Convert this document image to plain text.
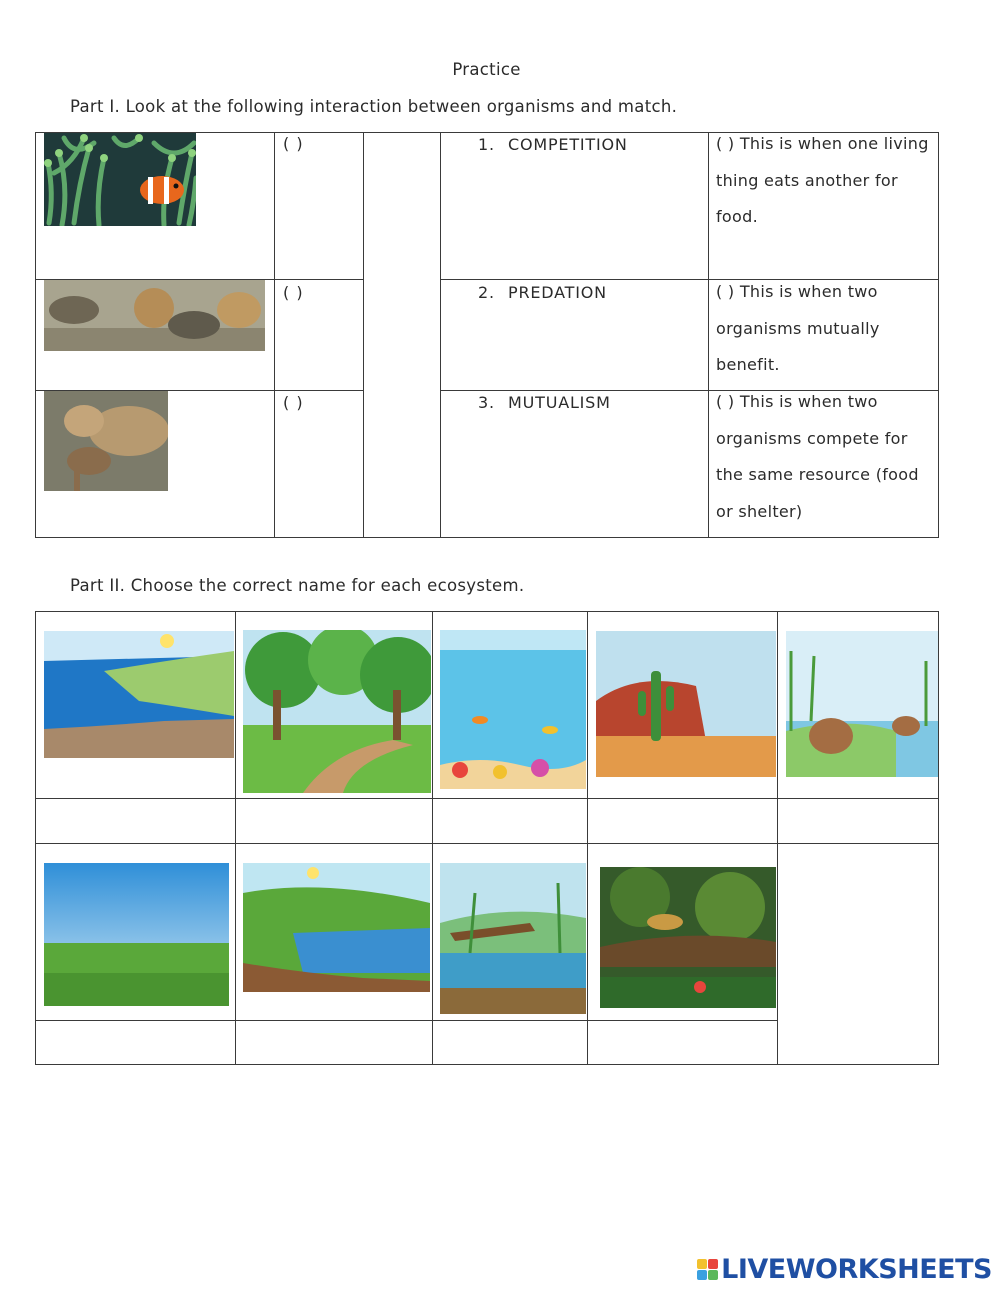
Practice
Part I. Look at the following interaction between organisms and match.
( )
( )
( )
1. COMPETITION
2. PREDATION
3. MUTUALISM
( ) This is when one living thing eats another for food.
( ) This is when two organisms mutually benefit.
( ) This is when two organisms compete for the same resource (food or shelter)
Part II. Choose the correct name for each ecosystem.
LIVEWORKSHEETS
